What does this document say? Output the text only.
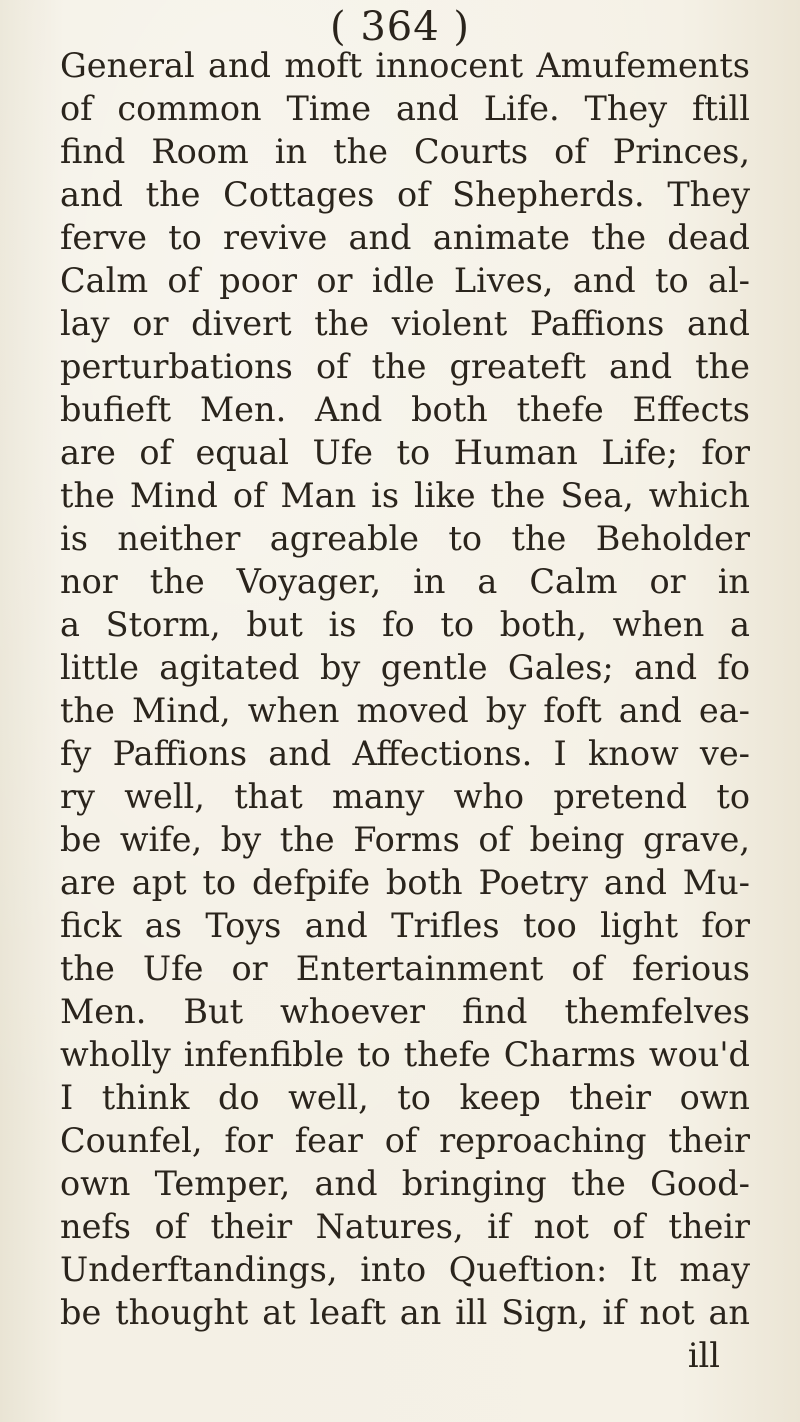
( 364 )
General and moft innocent Amufements
of common Time and Life. They ftill
find Room in the Courts of Princes,
and the Cottages of Shepherds. They
ferve to revive and animate the dead
Calm of poor or idle Lives, and to al-
lay or divert the violent Paffions and
perturbations of the greateft and the
bufieft Men. And both thefe Effects
are of equal Ufe to Human Life; for
the Mind of Man is like the Sea, which
is neither agreable to the Beholder
nor the Voyager, in a Calm or in
a Storm, but is fo to both, when a
little agitated by gentle Gales; and fo
the Mind, when moved by foft and ea-
fy Paffions and Affections. I know ve-
ry well, that many who pretend to
be wife, by the Forms of being grave,
are apt to defpife both Poetry and Mu-
fick as Toys and Trifles too light for
the Ufe or Entertainment of ferious
Men. But whoever find themfelves
wholly infenfible to thefe Charms wou'd
I think do well, to keep their own
Counfel, for fear of reproaching their
own Temper, and bringing the Good-
nefs of their Natures, if not of their
Underftandings, into Queftion: It may
be thought at leaft an ill Sign, if not an
ill
